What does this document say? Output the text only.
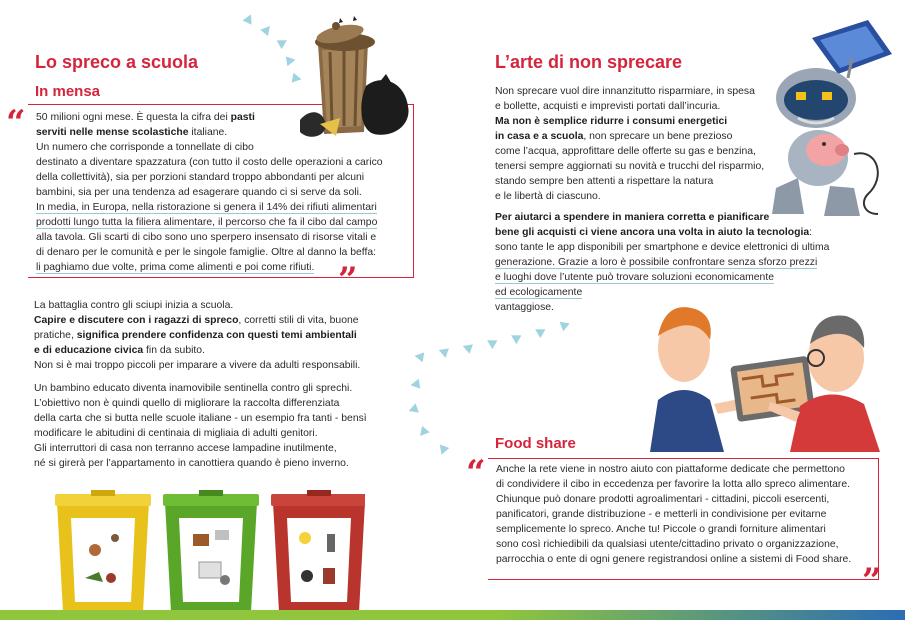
Lo spreco a scuola
In mensa
“ 50 milioni ogni mese. È questa la cifra dei pasti

serviti nelle mense scolastiche italiane.

Un numero che corrisponde a tonnellate di cibo

destinato a diventare spazzatura (con tutto il costo delle operazioni a carico

della collettività), sia per porzioni standard troppo abbondanti per alcuni

bambini, sia per una tendenza ad esagerare quando ci si serve da soli.

In media, in Europa, nella ristorazione si genera il 14% dei rifiuti alimentari

prodotti lungo tutta la filiera alimentare, il percorso che fa il cibo dal campo

alla tavola. Gli scarti di cibo sono uno sperpero insensato di risorse vitali e

di denaro per le comunità e per le singole famiglie. Oltre al danno la beffa:

li paghiamo due volte, prima come alimenti e poi come rifiuti. ”

La battaglia contro gli sciupi inizia a scuola.

Capire e discutere con i ragazzi di spreco, corretti stili di vita, buone

pratiche, significa prendere confidenza con questi temi ambientali

e di educazione civica fin da subito.

Non si è mai troppo piccoli per imparare a vivere da adulti responsabili.

Un bambino educato diventa inamovibile sentinella contro gli sprechi.

L’obiettivo non è quindi quello di migliorare la raccolta differenziata

della carta che si butta nelle scuole italiane - un esempio fra tanti - bensì

modificare le abitudini di centinaia di migliaia di adulti genitori.

Gli interruttori di casa non terranno accese lampadine inutilmente,

né si girerà per l’appartamento in canottiera quando è pieno inverno.

L’arte di non sprecare

Non sprecare vuol dire innanzitutto risparmiare, in spesa

e bollette, acquisti e imprevisti portati dall’incuria.

Ma non è semplice ridurre i consumi energetici

in casa e a scuola, non sprecare un bene prezioso

come l’acqua, approfittare delle offerte su gas e benzina,

tenersi sempre aggiornati su novità e trucchi del risparmio,

stando sempre ben attenti a rispettare la natura

e le libertà di ciascuno.

Per aiutarci a spendere in maniera corretta e pianificare

bene gli acquisti ci viene ancora una volta in aiuto la tecnologia:

sono tante le app disponibili per smartphone e device elettronici di ultima

generazione. Grazie a loro è possibile confrontare senza sforzo prezzi

e luoghi dove l’utente può trovare soluzioni economicamente

ed ecologicamente

vantaggiose.

Food share
“ Anche la rete viene in nostro aiuto con piattaforme dedicate che permettono

di condividere il cibo in eccedenza per favorire la lotta allo spreco alimentare.

Chiunque può donare prodotti agroalimentari - cittadini, piccoli esercenti,

panificatori, grande distribuzione - e metterli in condivisione per evitarne

semplicemente lo spreco. Anche tu! Piccole o grandi forniture alimentari

sono così richiedibili da qualsiasi utente/cittadino privato o organizzazione,

parrocchia o ente di ogni genere registrandosi online a sistemi di Food share.

”
